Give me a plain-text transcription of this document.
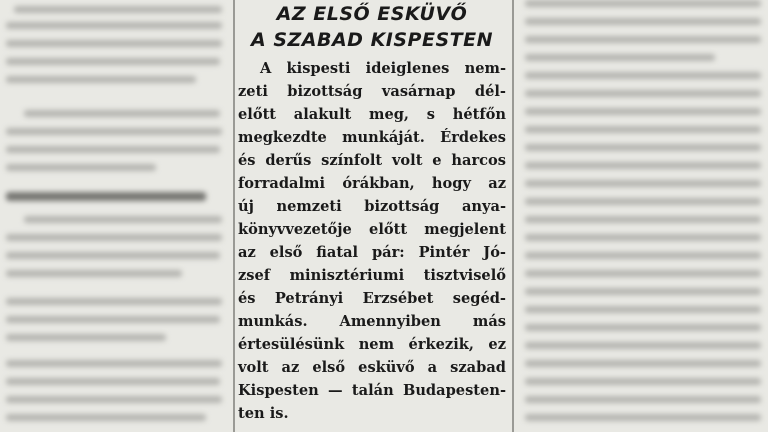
AZ ELSŐ ESKÜVŐ
A SZABAD KISPESTEN
A kispesti ideiglenes nem-
zeti bizottság vasárnap dél-
előtt alakult meg, s hétfőn
megkezdte munkáját. Érdekes
és derűs színfolt volt e harcos
forradalmi órákban, hogy az
új nemzeti bizottság anya-
könyvvezetője előtt megjelent
az első fiatal pár: Pintér Jó-
zsef minisztériumi tisztviselő
és Petrányi Erzsébet segéd-
munkás. Amennyiben más
értesülésünk nem érkezik, ez
volt az első esküvő a szabad
Kispesten — talán Budapesten-
ten is.
